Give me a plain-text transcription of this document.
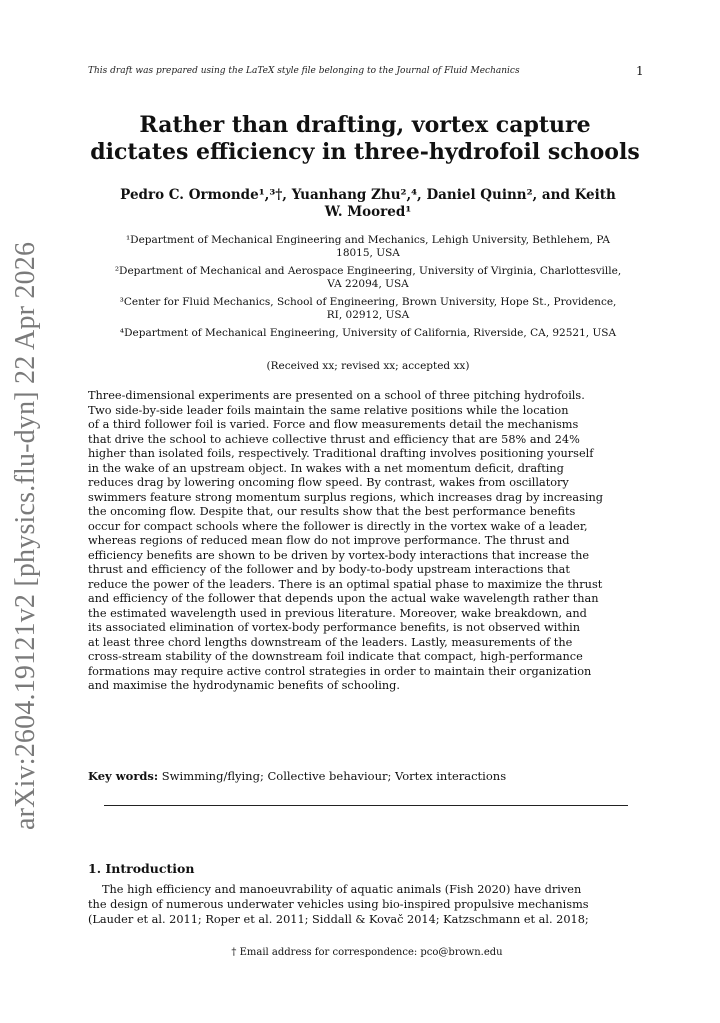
This draft was prepared using the LaTeX style file belonging to the Journal of Fluid Mechanics	1
arXiv:2604.19121v2 [physics.flu-dyn] 22 Apr 2026
Rather than drafting, vortex capture
dictates efficiency in three-hydrofoil schools
Pedro C. Ormonde¹,³†, Yuanhang Zhu²,⁴, Daniel Quinn², and Keith
W. Moored¹
¹Department of Mechanical Engineering and Mechanics, Lehigh University, Bethlehem, PA
18015, USA
²Department of Mechanical and Aerospace Engineering, University of Virginia, Charlottesville,
VA 22094, USA
³Center for Fluid Mechanics, School of Engineering, Brown University, Hope St., Providence,
RI, 02912, USA
⁴Department of Mechanical Engineering, University of California, Riverside, CA, 92521, USA
(Received xx; revised xx; accepted xx)
Three-dimensional experiments are presented on a school of three pitching hydrofoils.
Two side-by-side leader foils maintain the same relative positions while the location
of a third follower foil is varied. Force and flow measurements detail the mechanisms
that drive the school to achieve collective thrust and efficiency that are 58% and 24%
higher than isolated foils, respectively. Traditional drafting involves positioning yourself
in the wake of an upstream object. In wakes with a net momentum deficit, drafting
reduces drag by lowering oncoming flow speed. By contrast, wakes from oscillatory
swimmers feature strong momentum surplus regions, which increases drag by increasing
the oncoming flow. Despite that, our results show that the best performance benefits
occur for compact schools where the follower is directly in the vortex wake of a leader,
whereas regions of reduced mean flow do not improve performance. The thrust and
efficiency benefits are shown to be driven by vortex-body interactions that increase the
thrust and efficiency of the follower and by body-to-body upstream interactions that
reduce the power of the leaders. There is an optimal spatial phase to maximize the thrust
and efficiency of the follower that depends upon the actual wake wavelength rather than
the estimated wavelength used in previous literature. Moreover, wake breakdown, and
its associated elimination of vortex-body performance benefits, is not observed within
at least three chord lengths downstream of the leaders. Lastly, measurements of the
cross-stream stability of the downstream foil indicate that compact, high-performance
formations may require active control strategies in order to maintain their organization
and maximise the hydrodynamic benefits of schooling.
Key words: Swimming/flying; Collective behaviour; Vortex interactions
1. Introduction
The high efficiency and manoeuvrability of aquatic animals (Fish 2020) have driven
the design of numerous underwater vehicles using bio-inspired propulsive mechanisms
(Lauder et al. 2011; Roper et al. 2011; Siddall & Kovač 2014; Katzschmann et al. 2018;
† Email address for correspondence: pco@brown.edu
